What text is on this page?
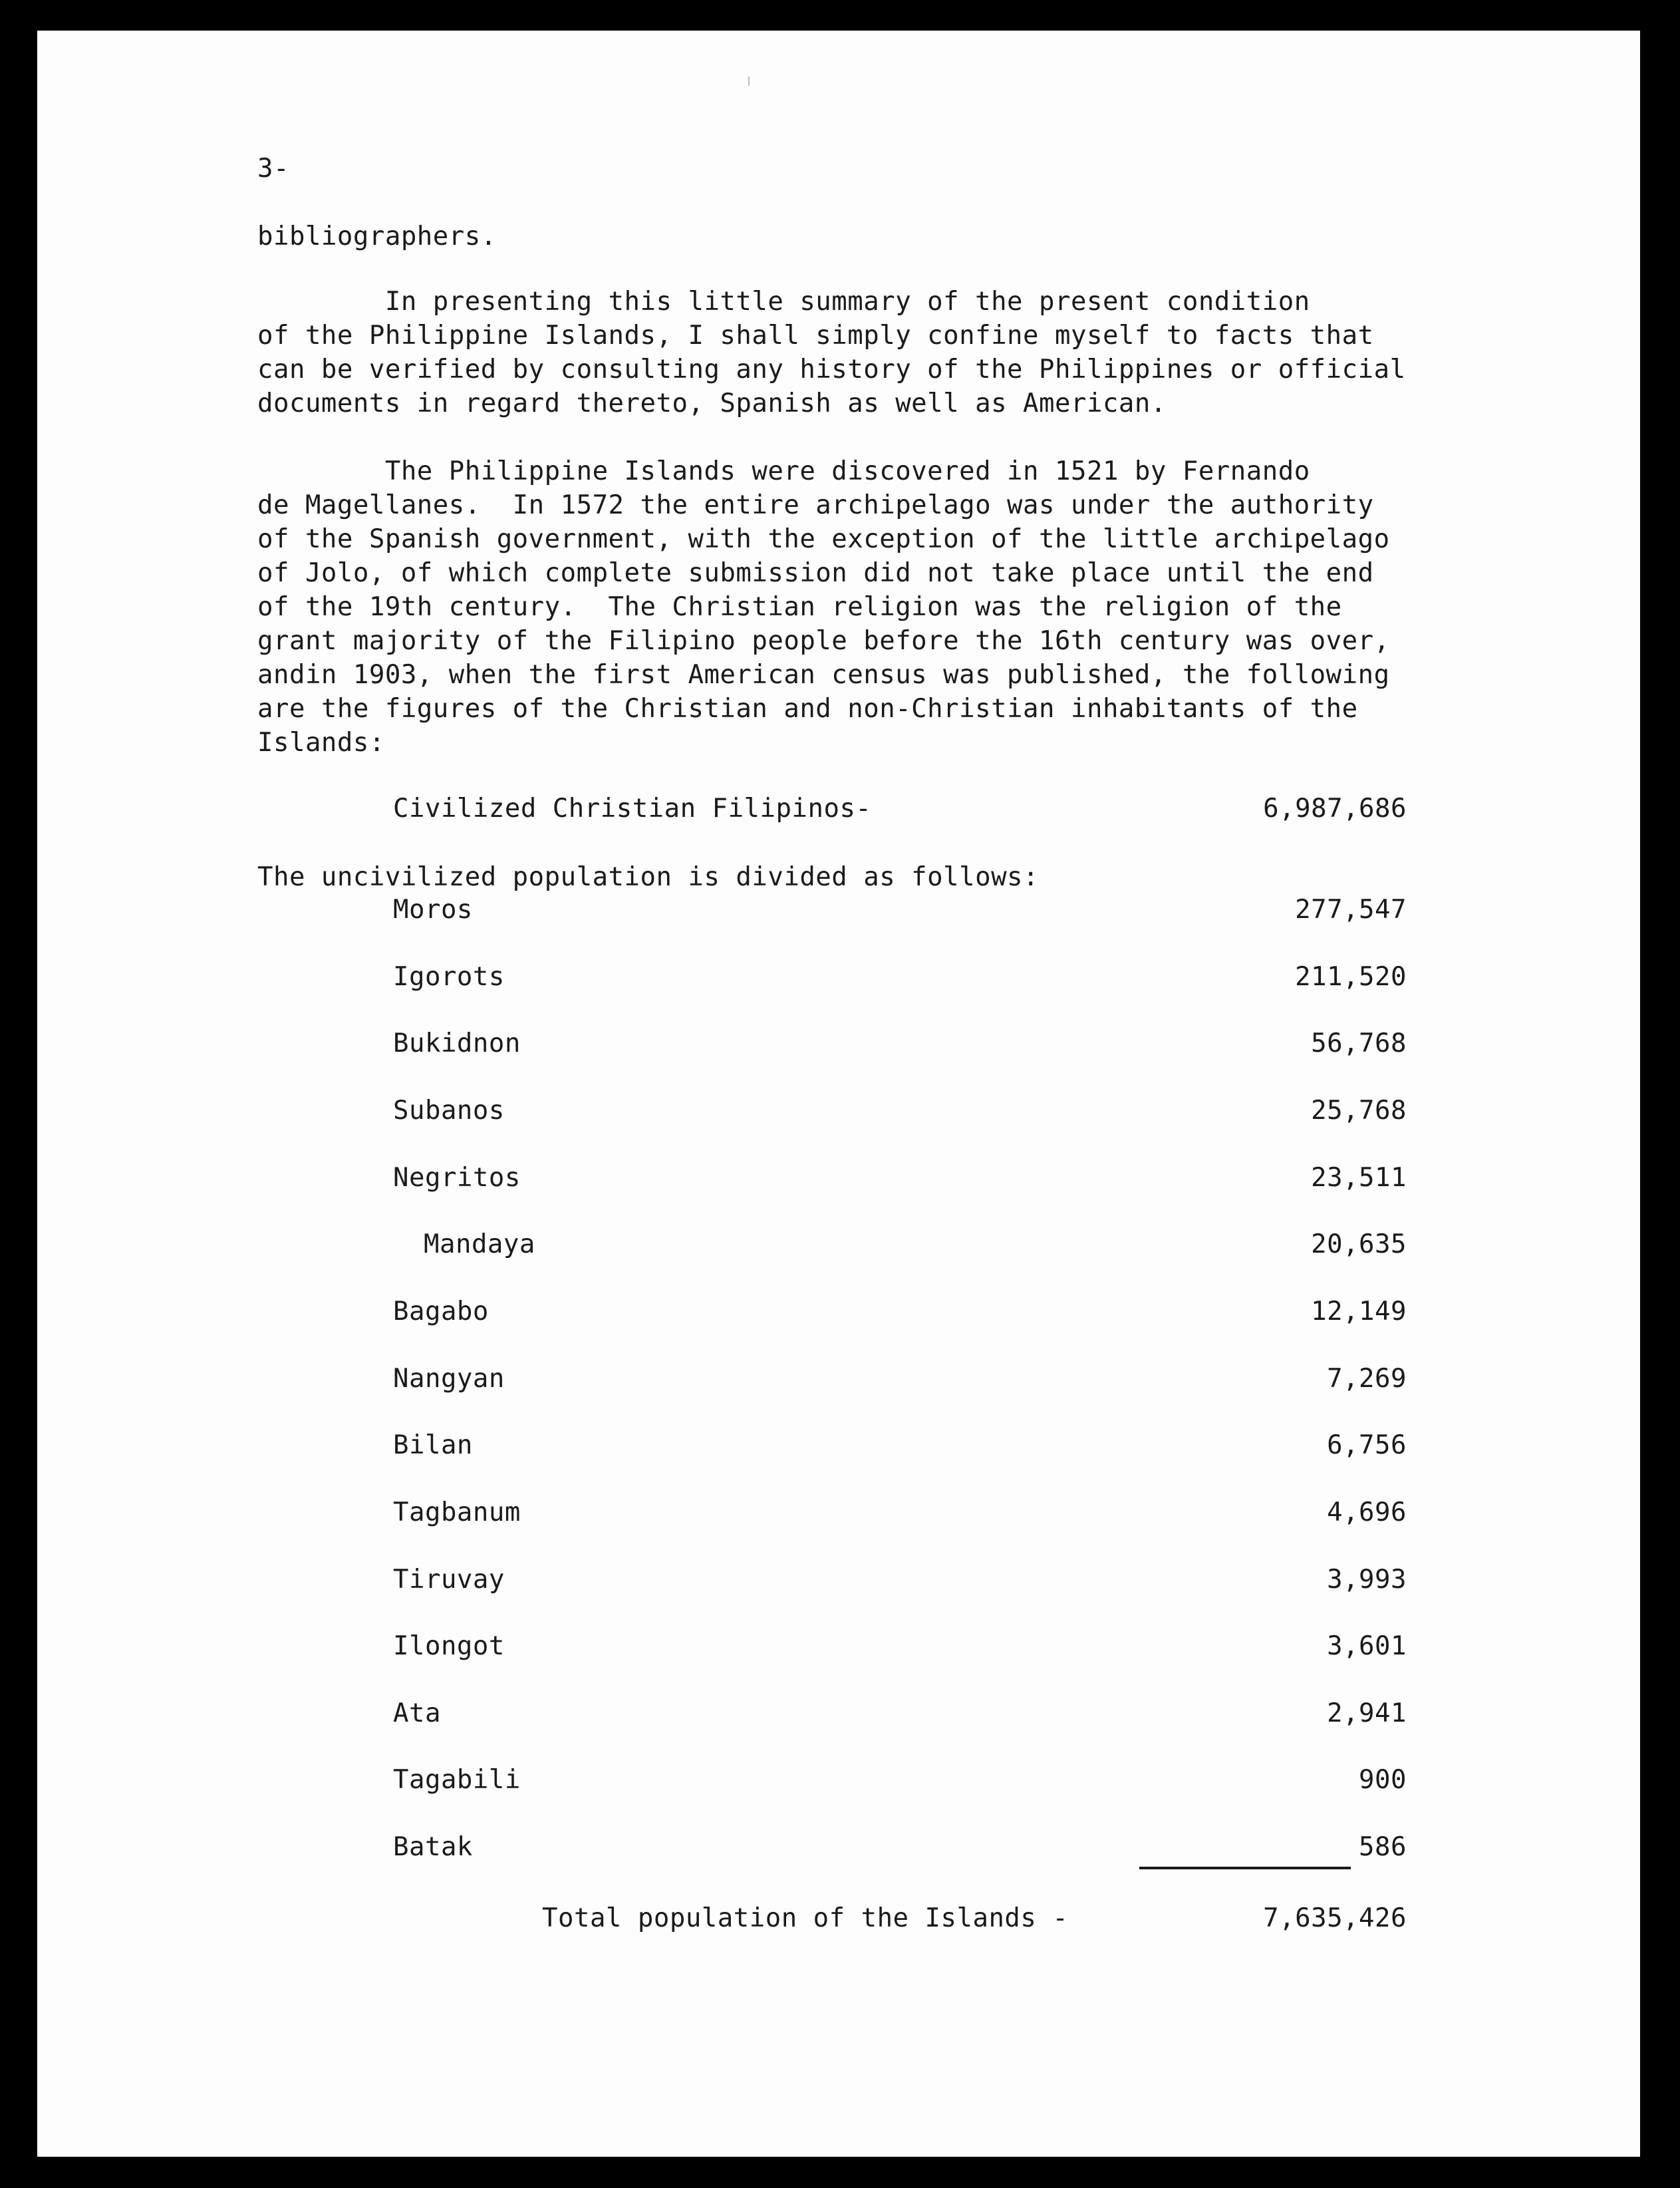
3-
bibliographers.
In presenting this little summary of the present condition
of the Philippine Islands, I shall simply confine myself to facts that
can be verified by consulting any history of the Philippines or official
documents in regard thereto, Spanish as well as American.
The Philippine Islands were discovered in 1521 by Fernando
de Magellanes.  In 1572 the entire archipelago was under the authority
of the Spanish government, with the exception of the little archipelago
of Jolo, of which complete submission did not take place until the end
of the 19th century.  The Christian religion was the religion of the
grant majority of the Filipino people before the 16th century was over,
andin 1903, when the first American census was published, the following
are the figures of the Christian and non-Christian inhabitants of the
Islands:
Civilized Christian Filipinos-	6,987,686
The uncivilized population is divided as follows:
Moros	277,547
Igorots	211,520
Bukidnon	56,768
Subanos	25,768
Negritos	23,511
Mandaya	20,635
Bagabo	12,149
Nangyan	7,269
Bilan	6,756
Tagbanum	4,696
Tiruvay	3,993
Ilongot	3,601
Ata	2,941
Tagabili	900
Batak	586
Total population of the Islands -	7,635,426
